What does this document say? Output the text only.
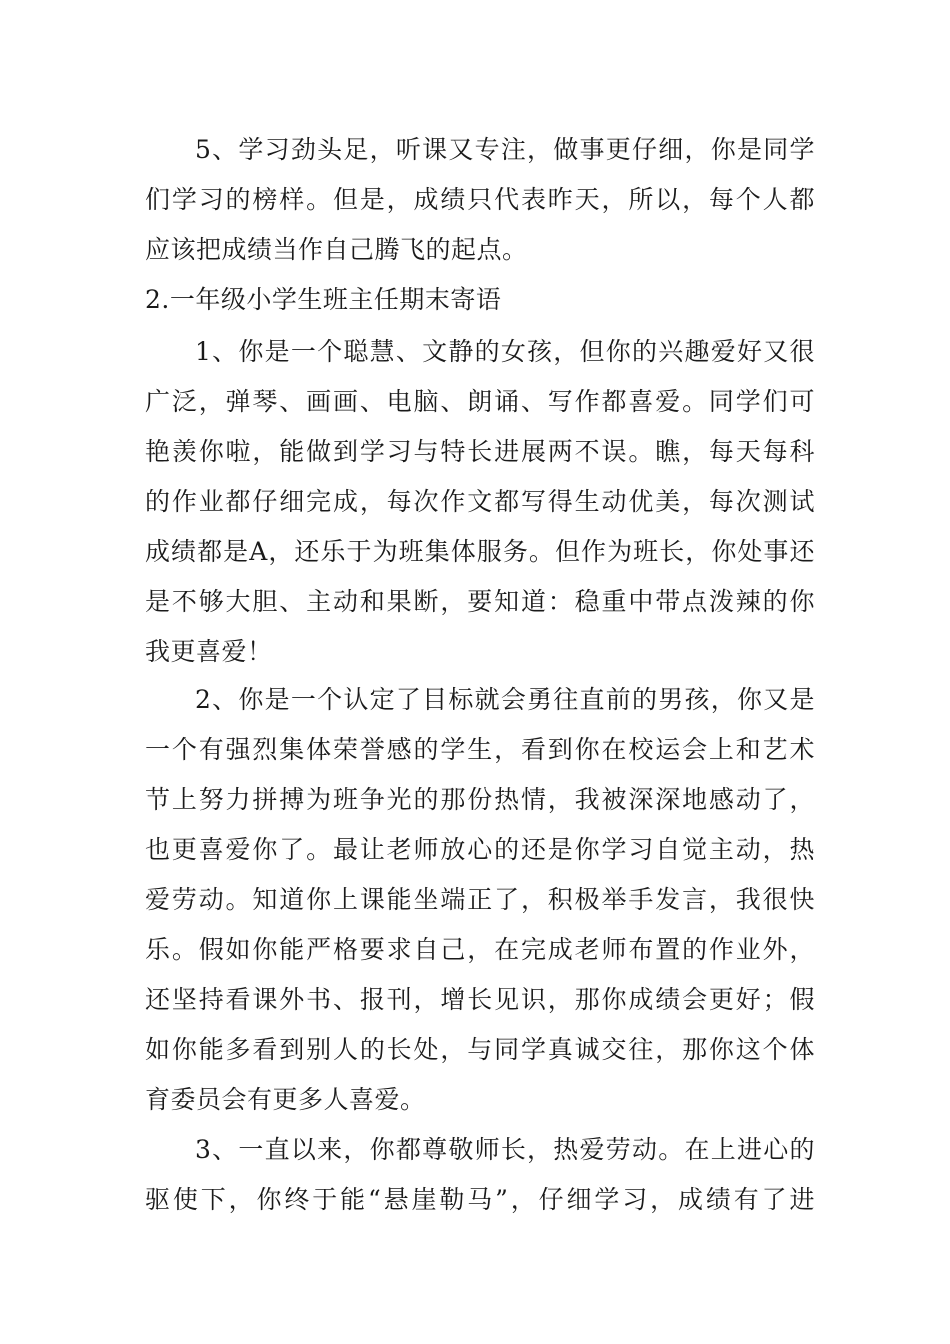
5、学习劲头足，听课又专注，做事更仔细，你是同学
们学习的榜样。但是，成绩只代表昨天，所以，每个人都
应该把成绩当作自己腾飞的起点。
2.一年级小学生班主任期末寄语
1、你是一个聪慧、文静的女孩，但你的兴趣爱好又很
广泛，弹琴、画画、电脑、朗诵、写作都喜爱。同学们可
艳羡你啦，能做到学习与特长进展两不误。瞧，每天每科
的作业都仔细完成，每次作文都写得生动优美，每次测试
成绩都是A，还乐于为班集体服务。但作为班长，你处事还
是不够大胆、主动和果断，要知道：稳重中带点泼辣的你
我更喜爱！
2、你是一个认定了目标就会勇往直前的男孩，你又是
一个有强烈集体荣誉感的学生，看到你在校运会上和艺术
节上努力拼搏为班争光的那份热情，我被深深地感动了，
也更喜爱你了。最让老师放心的还是你学习自觉主动，热
爱劳动。知道你上课能坐端正了，积极举手发言，我很快
乐。假如你能严格要求自己，在完成老师布置的作业外，
还坚持看课外书、报刊，增长见识，那你成绩会更好；假
如你能多看到别人的长处，与同学真诚交往，那你这个体
育委员会有更多人喜爱。
3、一直以来，你都尊敬师长，热爱劳动。在上进心的
驱使下，你终于能“悬崖勒马”，仔细学习，成绩有了进
